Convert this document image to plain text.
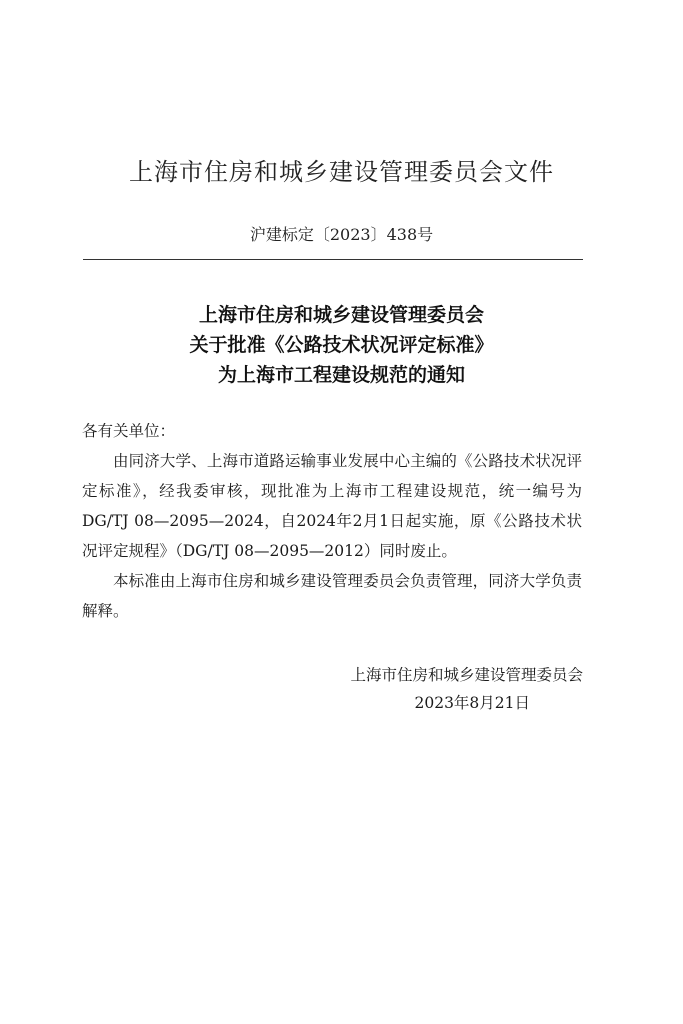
上海市住房和城乡建设管理委员会文件
沪建标定〔2023〕438号
上海市住房和城乡建设管理委员会
关于批准《公路技术状况评定标准》
为上海市工程建设规范的通知

各有关单位：

由同济大学、上海市道路运输事业发展中心主编的《公路技术状况评定标准》，经我委审核，现批准为上海市工程建设规范，统一编号为DG/TJ 08—2095—2024，自2024年2月1日起实施，原《公路技术状况评定规程》（DG/TJ 08—2095—2012）同时废止。

本标准由上海市住房和城乡建设管理委员会负责管理，同济大学负责解释。

上海市住房和城乡建设管理委员会
2023年8月21日
